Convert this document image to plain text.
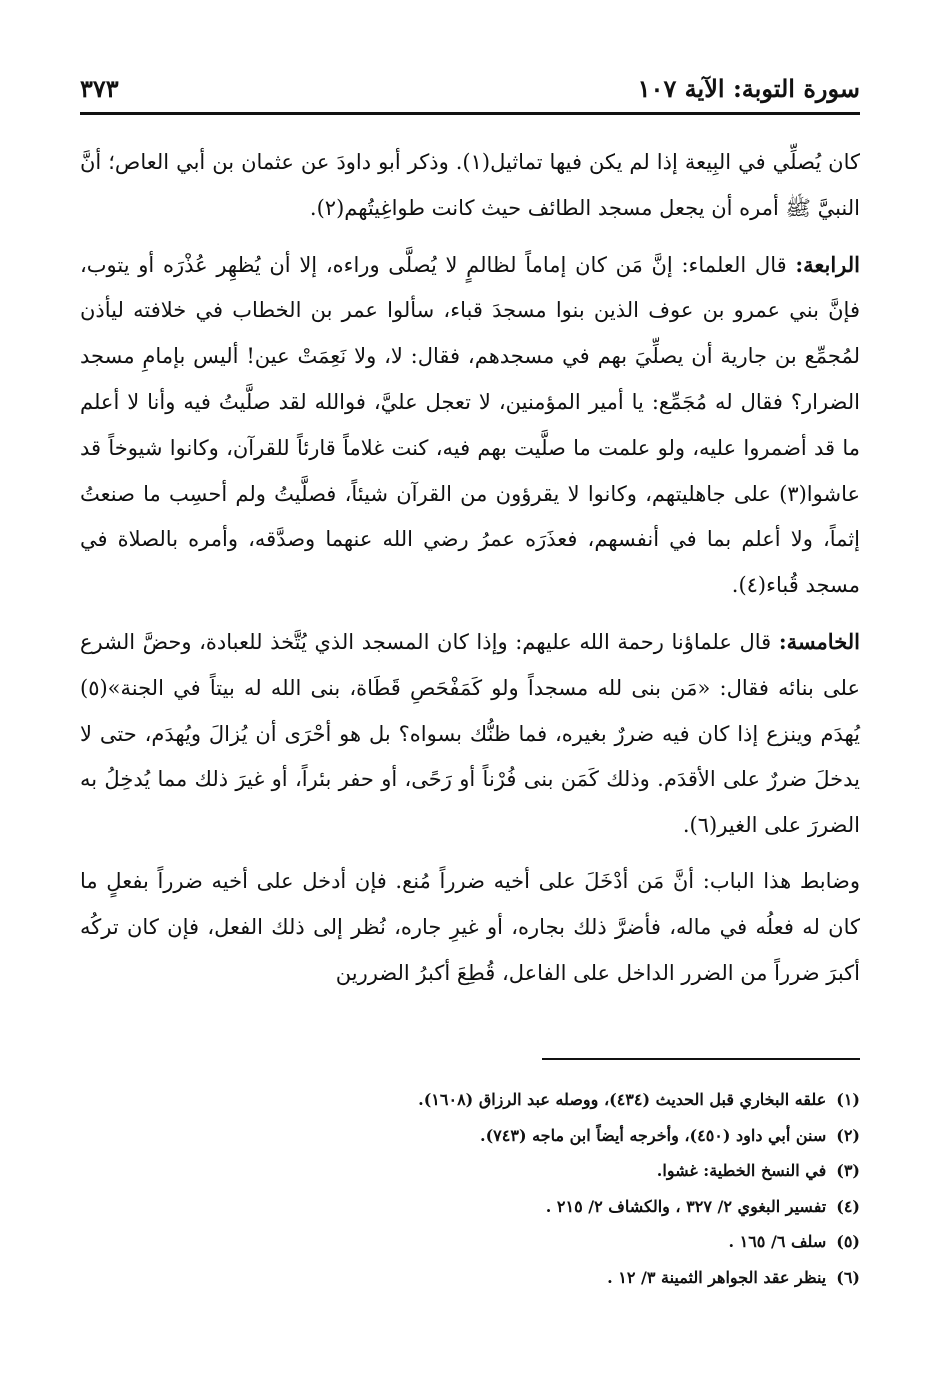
سورة التوبة: الآية ١٠٧
٣٧٣

كان يُصلِّي في البِيعة إذا لم يكن فيها تماثيل(١). وذكر أبو داودَ عن عثمان بن أبي العاص؛ أنَّ النبيَّ ﷺ أمره أن يجعل مسجد الطائف حيث كانت طواغِيتُهم(٢).

الرابعة: قال العلماء: إنَّ مَن كان إماماً لظالمٍ لا يُصلَّى وراءه، إلا أن يُظهِر عُذْرَه أو يتوب، فإنَّ بني عمرو بن عوف الذين بنوا مسجدَ قباء، سألوا عمر بن الخطاب في خلافته ليأذن لمُجمِّع بن جارية أن يصلِّيَ بهم في مسجدهم، فقال: لا، ولا نَعِمَتْ عين! أليس بإمامِ مسجد الضرار؟ فقال له مُجَمِّع: يا أمير المؤمنين، لا تعجل عليَّ، فوالله لقد صلَّيتُ فيه وأنا لا أعلم ما قد أضمروا عليه، ولو علمت ما صلَّيت بهم فيه، كنت غلاماً قارئاً للقرآن، وكانوا شيوخاً قد عاشوا(٣) على جاهليتهم، وكانوا لا يقرؤون من القرآن شيئاً، فصلَّيتُ ولم أحسِب ما صنعتُ إثماً، ولا أعلم بما في أنفسهم، فعذَرَه عمرُ رضي الله عنهما وصدَّقه، وأمره بالصلاة في مسجد قُباء(٤).

الخامسة: قال علماؤنا رحمة الله عليهم: وإذا كان المسجد الذي يُتَّخذ للعبادة، وحضَّ الشرع على بنائه فقال: «مَن بنى لله مسجداً ولو كَمَفْحَصِ قَطَاة، بنى الله له بيتاً في الجنة»(٥) يُهدَم وينزع إذا كان فيه ضررٌ بغيره، فما ظنُّك بسواه؟ بل هو أحْرَى أن يُزالَ ويُهدَم، حتى لا يدخلَ ضررٌ على الأقدَم. وذلك كَمَن بنى فُرْناً أو رَحًى، أو حفر بئراً، أو غيرَ ذلك مما يُدخِلُ به الضررَ على الغير(٦).

وضابط هذا الباب: أنَّ مَن أدْخَلَ على أخيه ضرراً مُنع. فإن أدخل على أخيه ضرراً بفعلٍ ما كان له فعلُه في ماله، فأضرَّ ذلك بجاره، أو غيرِ جاره، نُظر إلى ذلك الفعل، فإن كان تركُه أكبرَ ضرراً من الضرر الداخل على الفاعل، قُطِعَ أكبرُ الضررين

(١)علقه البخاري قبل الحديث (٤٣٤)، ووصله عبد الرزاق (١٦٠٨).

(٢)سنن أبي داود (٤٥٠)، وأخرجه أيضاً ابن ماجه (٧٤٣).

(٣)في النسخ الخطية: غشوا.

(٤)تفسير البغوي ٢/ ٣٢٧ ، والكشاف ٢/ ٢١٥ .

(٥)سلف ٦/ ١٦٥ .

(٦)ينظر عقد الجواهر الثمينة ٣/ ١٢ .
